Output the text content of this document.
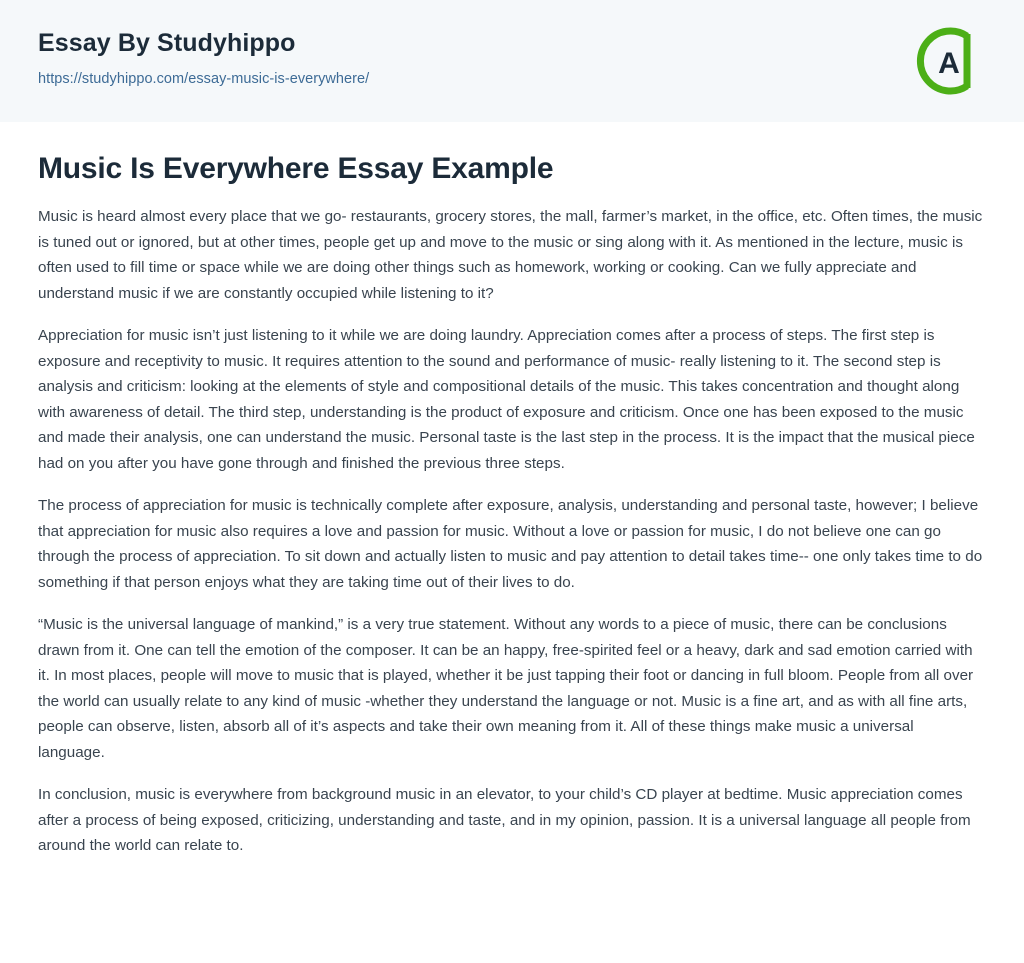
Essay By Studyhippo
https://studyhippo.com/essay-music-is-everywhere/	A
Music Is Everywhere Essay Example

Music is heard almost every place that we go- restaurants, grocery stores, the mall, farmer’s market, in the office, etc. Often times, the music is tuned out or ignored, but at other times, people get up and move to the music or sing along with it. As mentioned in the lecture, music is often used to fill time or space while we are doing other things such as homework, working or cooking. Can we fully appreciate and understand music if we are constantly occupied while listening to it?

Appreciation for music isn’t just listening to it while we are doing laundry. Appreciation comes after a process of steps. The first step is exposure and receptivity to music. It requires attention to the sound and performance of music- really listening to it. The second step is analysis and criticism: looking at the elements of style and compositional details of the music. This takes concentration and thought along with awareness of detail. The third step, understanding is the product of exposure and criticism. Once one has been exposed to the music and made their analysis, one can understand the music. Personal taste is the last step in the process. It is the impact that the musical piece had on you after you have gone through and finished the previous three steps.

The process of appreciation for music is technically complete after exposure, analysis, understanding and personal taste, however; I believe that appreciation for music also requires a love and passion for music. Without a love or passion for music, I do not believe one can go through the process of appreciation. To sit down and actually listen to music and pay attention to detail takes time-- one only takes time to do something if that person enjoys what they are taking time out of their lives to do.

“Music is the universal language of mankind,” is a very true statement. Without any words to a piece of music, there can be conclusions drawn from it. One can tell the emotion of the composer. It can be an happy, free-spirited feel or a heavy, dark and sad emotion carried with it. In most places, people will move to music that is played, whether it be just tapping their foot or dancing in full bloom. People from all over the world can usually relate to any kind of music -whether they understand the language or not. Music is a fine art, and as with all fine arts, people can observe, listen, absorb all of it’s aspects and take their own meaning from it. All of these things make music a universal language.

In conclusion, music is everywhere from background music in an elevator, to your child’s CD player at bedtime. Music appreciation comes after a process of being exposed, criticizing, understanding and taste, and in my opinion, passion. It is a universal language all people from around the world can relate to.
